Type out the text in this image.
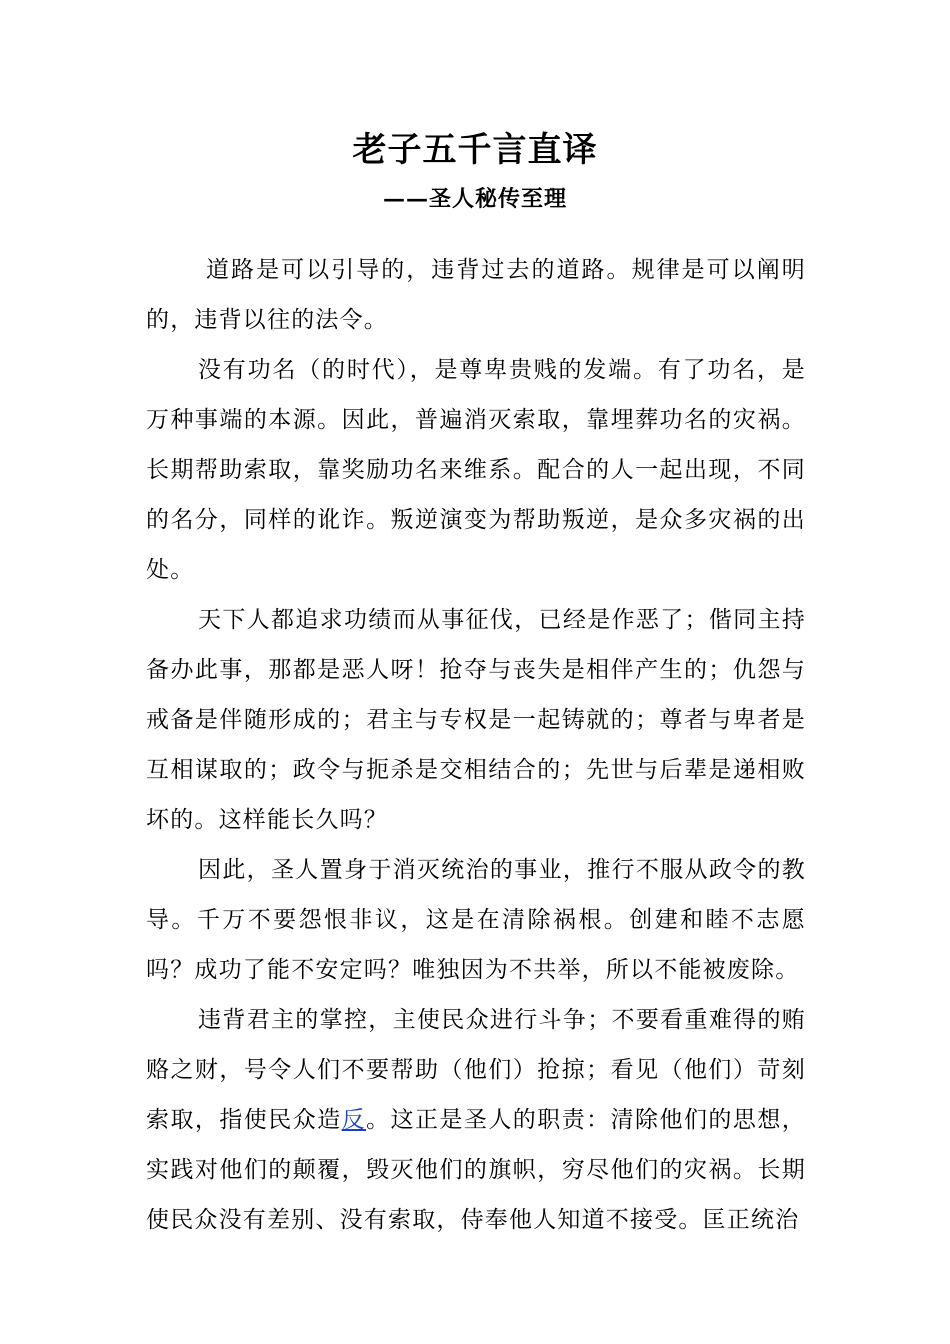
老子五千言直译
——圣人秘传至理

道路是可以引导的，违背过去的道路。规律是可以阐明的，违背以往的法令。

没有功名（的时代），是尊卑贵贱的发端。有了功名，是万种事端的本源。因此，普遍消灭索取，靠埋葬功名的灾祸。长期帮助索取，靠奖励功名来维系。配合的人一起出现，不同的名分，同样的讹诈。叛逆演变为帮助叛逆，是众多灾祸的出处。

天下人都追求功绩而从事征伐，已经是作恶了；偕同主持备办此事，那都是恶人呀！抢夺与丧失是相伴产生的；仇怨与戒备是伴随形成的；君主与专权是一起铸就的；尊者与卑者是互相谋取的；政令与扼杀是交相结合的；先世与后辈是递相败坏的。这样能长久吗？

因此，圣人置身于消灭统治的事业，推行不服从政令的教导。千万不要怨恨非议，这是在清除祸根。创建和睦不志愿吗？成功了能不安定吗？唯独因为不共举，所以不能被废除。

违背君主的掌控，主使民众进行斗争；不要看重难得的贿赂之财，号令人们不要帮助（他们）抢掠；看见（他们）苛刻索取，指使民众造反。这正是圣人的职责：清除他们的思想，实践对他们的颠覆，毁灭他们的旗帜，穷尽他们的灾祸。长期使民众没有差别、没有索取，侍奉他人知道不接受。匡正统治
